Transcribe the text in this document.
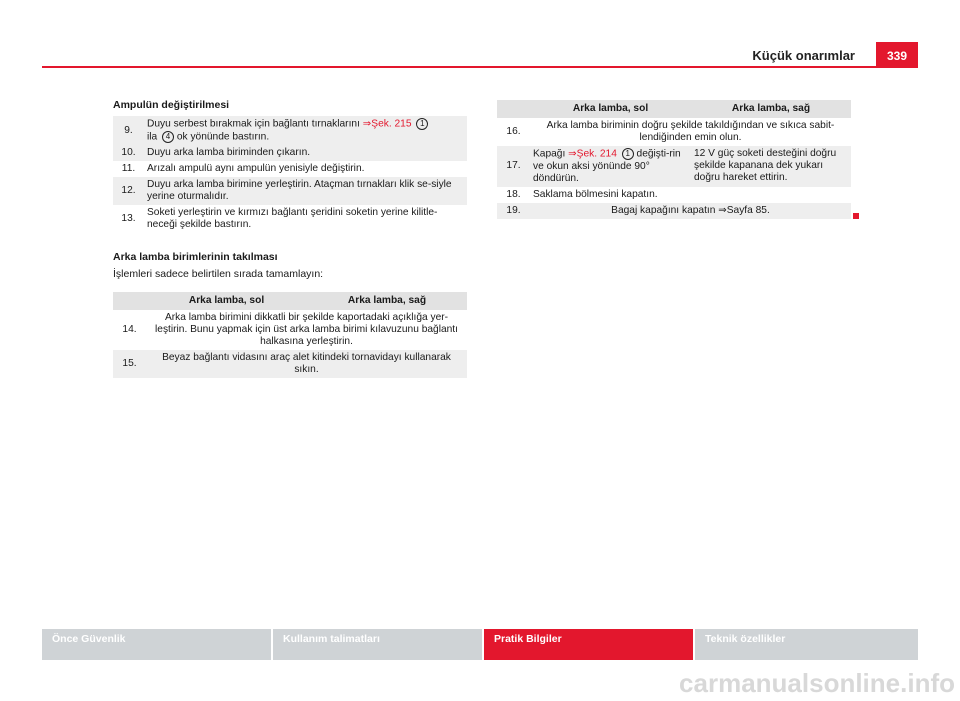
Küçük onarımlar	339
Ampulün değiştirilmesi
9.	Duyu serbest bırakmak için bağlantı tırnaklarını ⇒Şek. 215 1
ila 4 ok yönünde bastırın.
10.	Duyu arka lamba biriminden çıkarın.
11.	Arızalı ampulü aynı ampulün yenisiyle değiştirin.
12.	Duyu arka lamba birimine yerleştirin. Ataçman tırnakları klik se-siyle yerine oturmalıdır.
13.	Soketi yerleştirin ve kırmızı bağlantı şeridini soketin yerine kilitle-neceği şekilde bastırın.
Arka lamba birimlerinin takılması
İşlemleri sadece belirtilen sırada tamamlayın:
	Arka lamba, sol	Arka lamba, sağ
14.	Arka lamba birimini dikkatli bir şekilde kaportadaki açıklığa yer-leştirin. Bunu yapmak için üst arka lamba birimi kılavuzunu bağlantı halkasına yerleştirin.	
15.	Beyaz bağlantı vidasını araç alet kitindeki tornavidayı kullanarak sıkın.	
	Arka lamba, sol	Arka lamba, sağ
16.	Arka lamba biriminin doğru şekilde takıldığından ve sıkıca sabit-lendiğinden emin olun.	
17.	Kapağı ⇒Şek. 214 1 değişti-rin ve okun aksi yönünde 90° döndürün.	12 V güç soketi desteğini doğru şekilde kapanana dek yukarı doğru hareket ettirin.
18.	Saklama bölmesini kapatın.	
19.	Bagaj kapağını kapatın ⇒Sayfa 85.	
Önce Güvenlik	Kullanım talimatları	Pratik Bilgiler	Teknik özellikler
carmanualsonline.info
